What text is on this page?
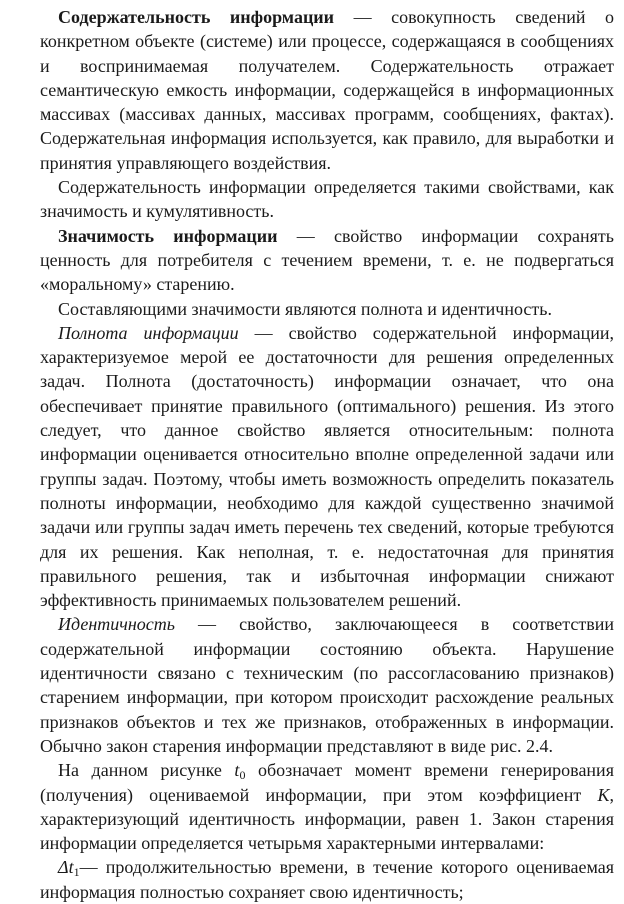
Содержательность информации — совокупность сведений о конкретном объекте (системе) или процессе, содержащаяся в сообщениях и воспринимаемая получателем. Содержательность отражает семантическую емкость информации, содержащейся в информационных массивах (массивах данных, массивах программ, сообщениях, фактах). Содержательная информация используется, как правило, для выработки и принятия управляющего воздействия.

Содержательность информации определяется такими свойствами, как значимость и кумулятивность.

Значимость информации — свойство информации сохранять ценность для потребителя с течением времени, т. е. не подвергаться «моральному» старению.

Составляющими значимости являются полнота и идентичность.

Полнота информации — свойство содержательной информации, характеризуемое мерой ее достаточности для решения определенных задач. Полнота (достаточность) информации означает, что она обеспечивает принятие правильного (оптимального) решения. Из этого следует, что данное свойство является относительным: полнота информации оценивается относительно вполне определенной задачи или группы задач. Поэтому, чтобы иметь возможность определить показатель полноты информации, необходимо для каждой существенно значимой задачи или группы задач иметь перечень тех сведений, которые требуются для их решения. Как неполная, т. е. недостаточная для принятия правильного решения, так и избыточная информации снижают эффективность принимаемых пользователем решений.

Идентичность — свойство, заключающееся в соответствии содержательной информации состоянию объекта. Нарушение идентичности связано с техническим (по рассогласованию признаков) старением информации, при котором происходит расхождение реальных признаков объектов и тех же признаков, отображенных в информации. Обычно закон старения информации представляют в виде рис. 2.4.

На данном рисунке $t_0$ обозначает момент времени генерирования (получения) оцениваемой информации, при этом коэффициент K, характеризующий идентичность информации, равен 1. Закон старения информации определяется четырьмя характерными интервалами:

$\Delta t_1—$ продолжительностью времени, в течение которого оцениваемая информация полностью сохраняет свою идентичность;
